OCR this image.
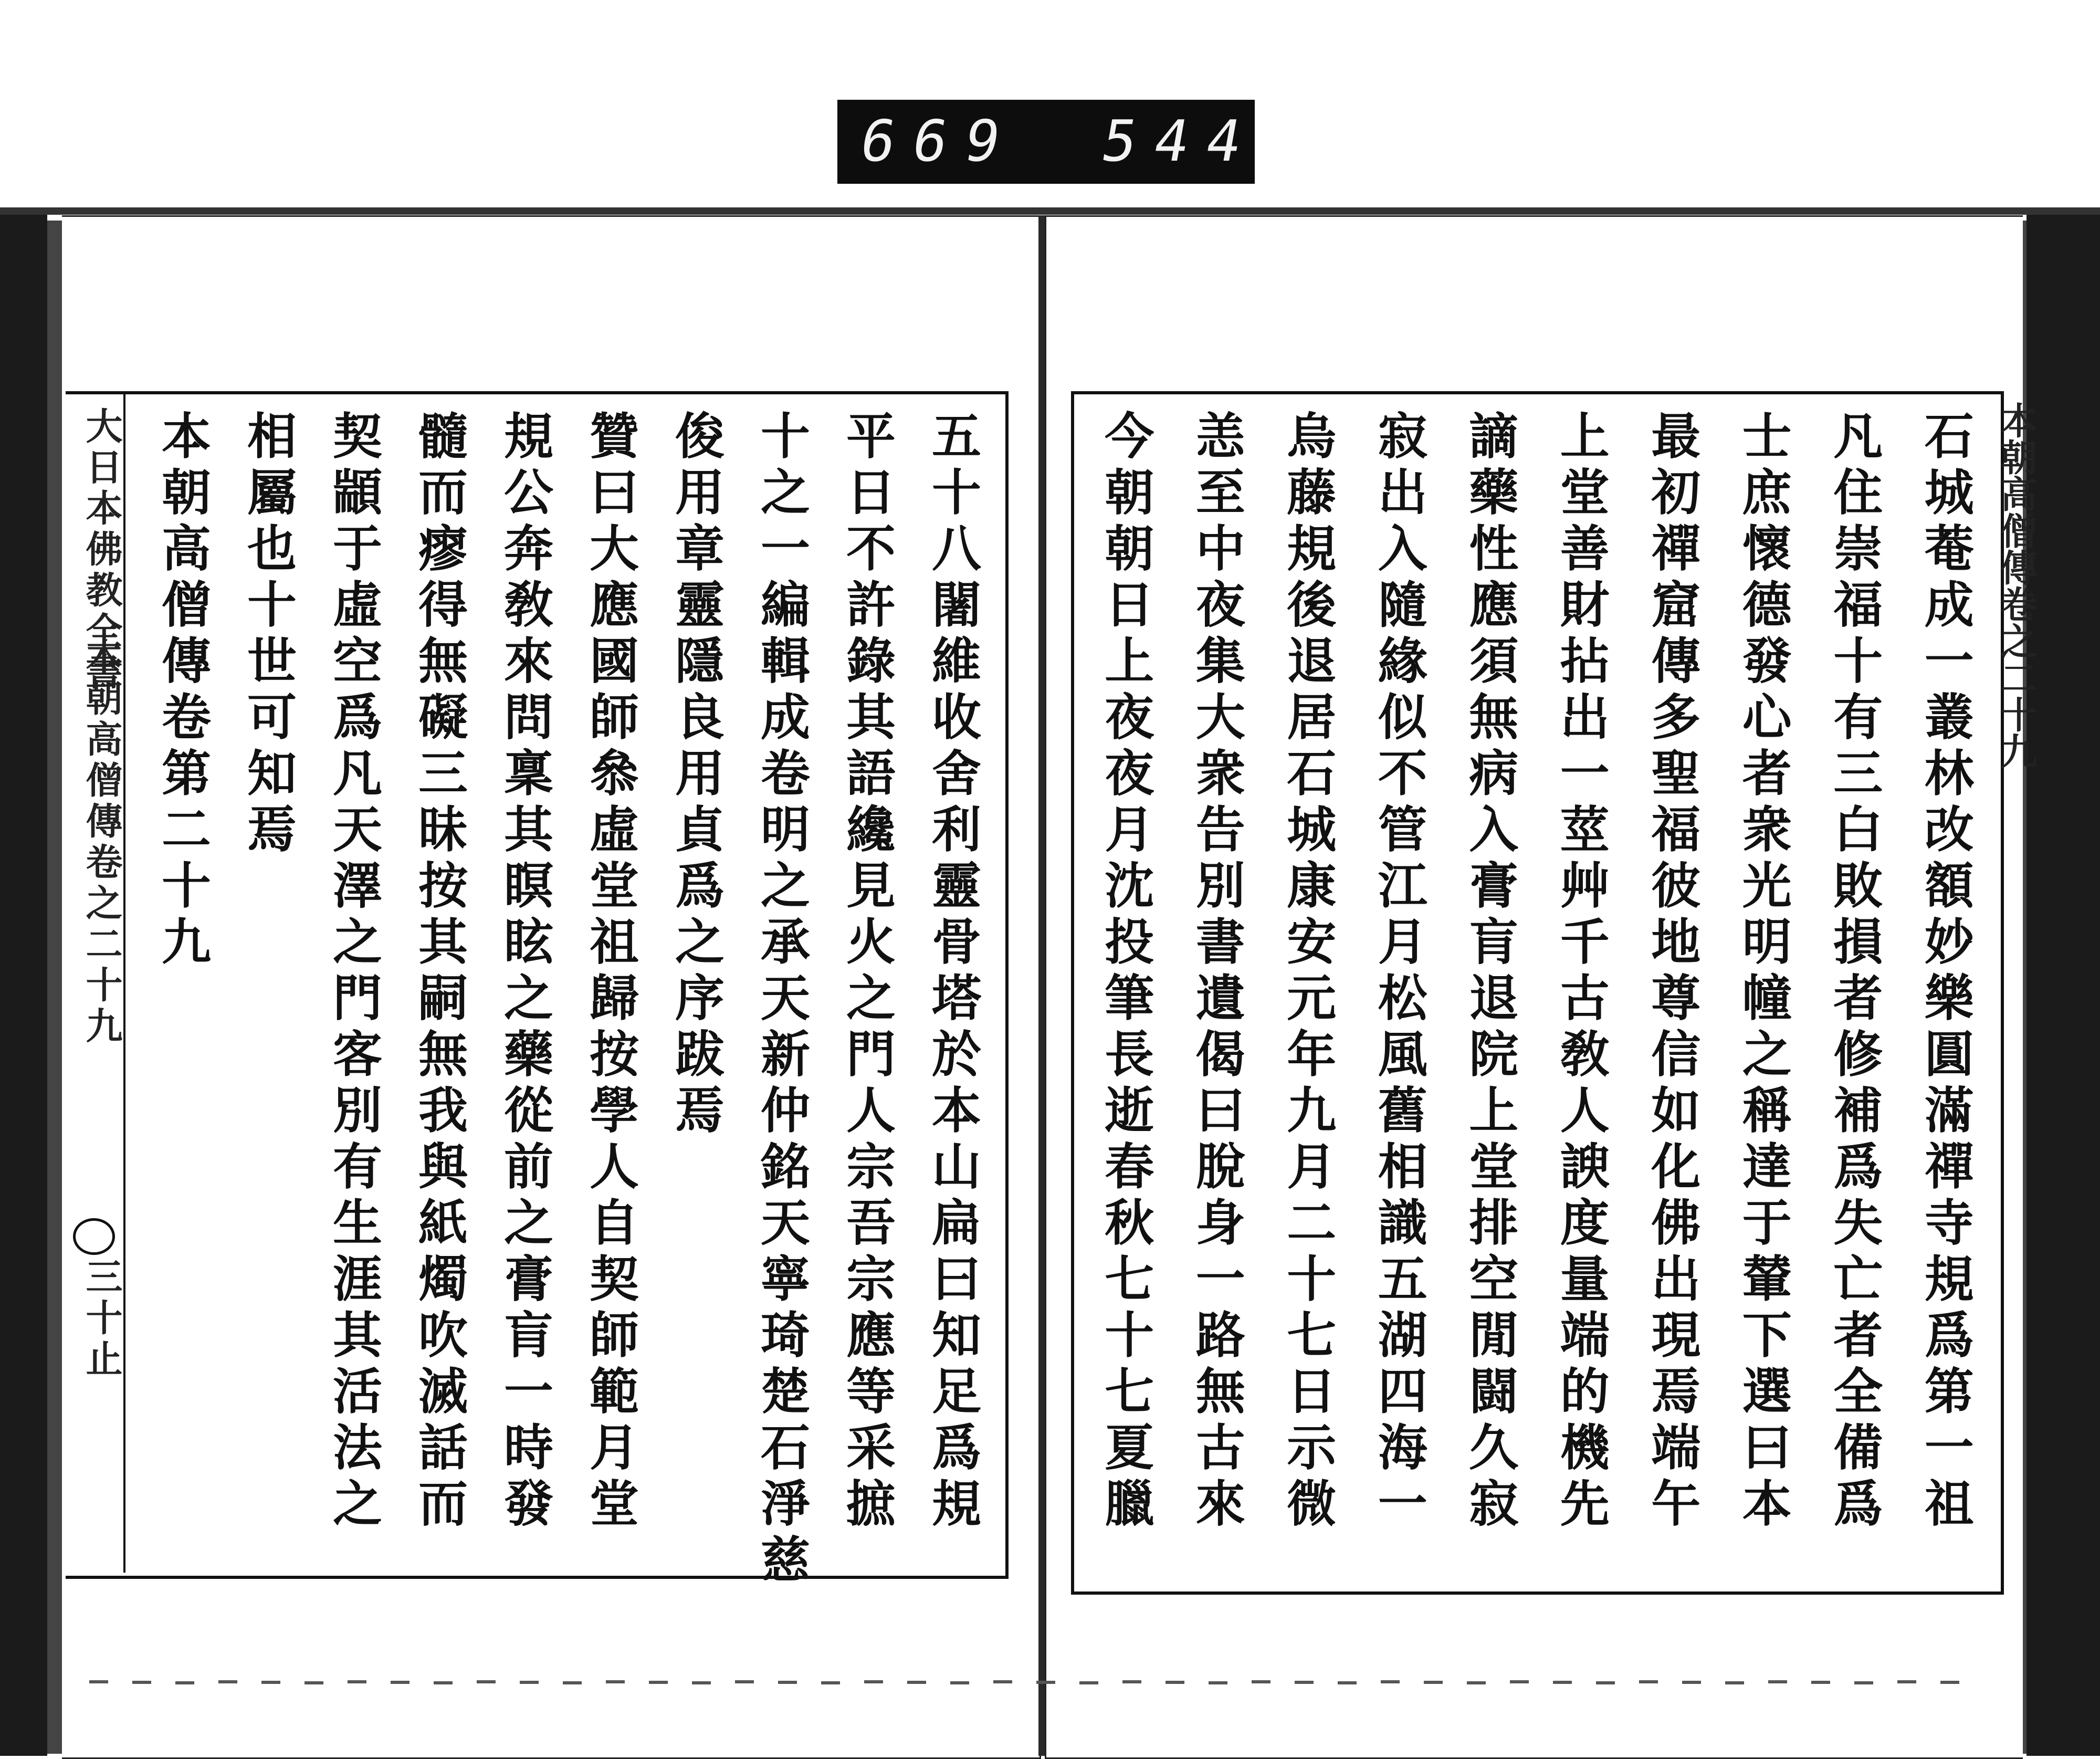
669 544
大日本佛教全書
本朝高僧傳卷之二十九
三十止	五十八闍維收舍利靈骨塔於本山扁曰知足爲規
平日不許錄其語纔見火之門人宗吾宗應等采摭
十之一編輯成卷明之承天新仲銘天寧琦楚石淨慈
俊用章靈隱良用貞爲之序跋焉
贊曰大應國師叅虛堂祖歸按學人自契師範月堂
規公奔敎來問稟其瞑眩之藥從前之膏肓一時發
髓而瘳得無礙三昧按其嗣無我與紙燭吹滅話而
契顓于虛空爲凡天澤之門客別有生涯其活法之
相屬也十世可知焉
本朝高僧傳卷第二十九	石城菴成一叢林改額妙樂圓滿禪寺規爲第一祖
凡住崇福十有三白敗損者修補爲失亡者全備爲
士庶懷德發心者衆光明幢之稱達于輦下選曰本
最初禪窟傳多聖福彼地尊信如化佛出現焉端午
上堂善財拈出一莖艸千古敎人諛度量端的機先
謫藥性應須無病入膏肓退院上堂排空閒闘久寂
寂出入隨緣似不管江月松風舊相識五湖四海一
烏藤規後退居石城康安元年九月二十七日示微
恙至中夜集大衆告別書遺偈曰脫身一路無古來
今朝朝日上夜夜月沈投筆長逝春秋七十七夏臘	本朝高僧傳卷之二十九
